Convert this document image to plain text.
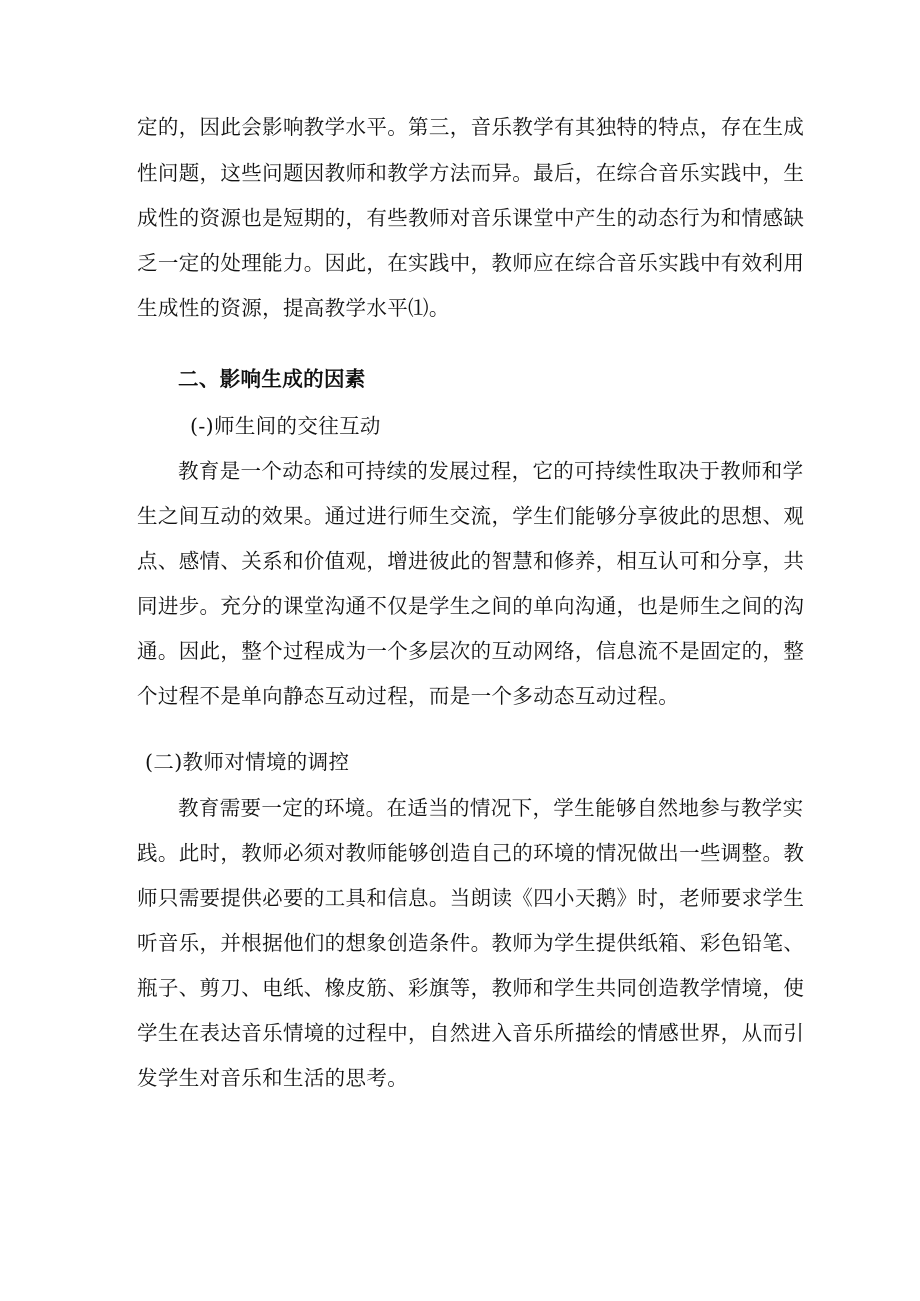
定的，因此会影响教学水平。第三，音乐教学有其独特的特点，存在生成
性问题，这些问题因教师和教学方法而异。最后，在综合音乐实践中，生
成性的资源也是短期的，有些教师对音乐课堂中产生的动态行为和情感缺
乏一定的处理能力。因此，在实践中，教师应在综合音乐实践中有效利用
生成性的资源，提高教学水平⑴。
二、影响生成的因素
(-)师生间的交往互动
教育是一个动态和可持续的发展过程，它的可持续性取决于教师和学
生之间互动的效果。通过进行师生交流，学生们能够分享彼此的思想、观
点、感情、关系和价值观，增进彼此的智慧和修养，相互认可和分享，共
同进步。充分的课堂沟通不仅是学生之间的单向沟通，也是师生之间的沟
通。因此，整个过程成为一个多层次的互动网络，信息流不是固定的，整
个过程不是单向静态互动过程，而是一个多动态互动过程。
(二)教师对情境的调控
教育需要一定的环境。在适当的情况下，学生能够自然地参与教学实
践。此时，教师必须对教师能够创造自己的环境的情况做出一些调整。教
师只需要提供必要的工具和信息。当朗读《四小天鹅》时，老师要求学生
听音乐，并根据他们的想象创造条件。教师为学生提供纸箱、彩色铅笔、
瓶子、剪刀、电纸、橡皮筋、彩旗等，教师和学生共同创造教学情境，使
学生在表达音乐情境的过程中，自然进入音乐所描绘的情感世界，从而引
发学生对音乐和生活的思考。
